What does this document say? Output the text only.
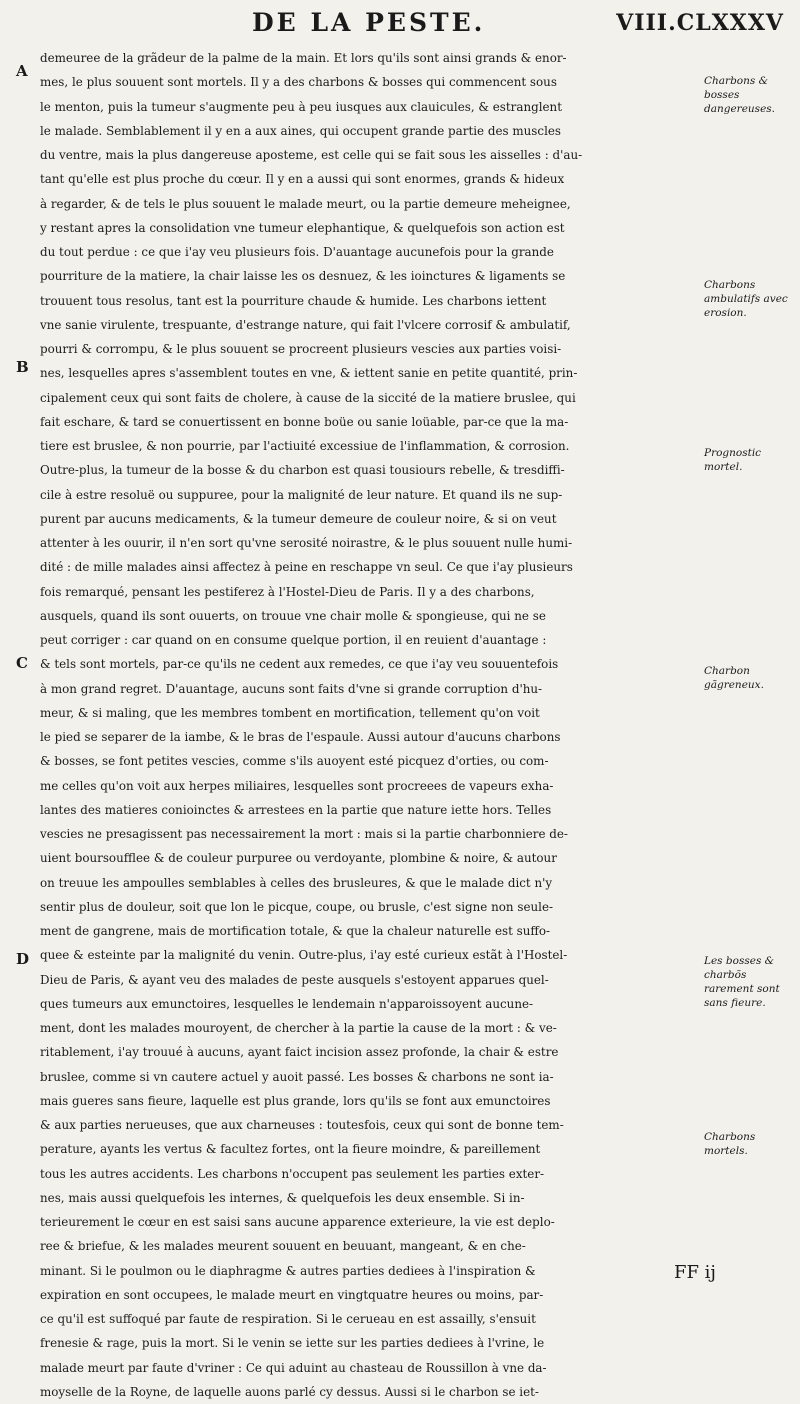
DE LA PESTE.	VIII.CLXXXV
A
B
C
D
demeuree de la grãdeur de la palme de la main. Et lors qu'ils sont ainsi grands & enor-
mes, le plus souuent sont mortels. Il y a des charbons & bosses qui commencent sous
le menton, puis la tumeur s'augmente peu à peu iusques aux clauicules, & estranglent
le malade. Semblablement il y en a aux aines, qui occupent grande partie des muscles
du ventre, mais la plus dangereuse aposteme, est celle qui se fait sous les aisselles : d'au-
tant qu'elle est plus proche du cœur. Il y en a aussi qui sont enormes, grands & hideux
à regarder, & de tels le plus souuent le malade meurt, ou la partie demeure meheignee,
y restant apres la consolidation vne tumeur elephantique, & quelquefois son action est
du tout perdue : ce que i'ay veu plusieurs fois. D'auantage aucunefois pour la grande
pourriture de la matiere, la chair laisse les os desnuez, & les ioinctures & ligaments se
trouuent tous resolus, tant est la pourriture chaude & humide. Les charbons iettent
vne sanie virulente, trespuante, d'estrange nature, qui fait l'vlcere corrosif & ambulatif,
pourri & corrompu, & le plus souuent se procreent plusieurs vescies aux parties voisi-
nes, lesquelles apres s'assemblent toutes en vne, & iettent sanie en petite quantité, prin-
cipalement ceux qui sont faits de cholere, à cause de la siccité de la matiere bruslee, qui
fait eschare, & tard se conuertissent en bonne boüe ou sanie loüable, par-ce que la ma-
tiere est bruslee, & non pourrie, par l'actiuité excessiue de l'inflammation, & corrosion.
Outre-plus, la tumeur de la bosse & du charbon est quasi tousiours rebelle, & tresdiffi-
cile à estre resoluë ou suppuree, pour la malignité de leur nature. Et quand ils ne sup-
purent par aucuns medicaments, & la tumeur demeure de couleur noire, & si on veut
attenter à les ouurir, il n'en sort qu'vne serosité noirastre, & le plus souuent nulle humi-
dité : de mille malades ainsi affectez à peine en reschappe vn seul. Ce que i'ay plusieurs
fois remarqué, pensant les pestiferez à l'Hostel-Dieu de Paris. Il y a des charbons,
ausquels, quand ils sont ouuerts, on trouue vne chair molle & spongieuse, qui ne se
peut corriger : car quand on en consume quelque portion, il en reuient d'auantage :
& tels sont mortels, par-ce qu'ils ne cedent aux remedes, ce que i'ay veu souuentefois
à mon grand regret. D'auantage, aucuns sont faits d'vne si grande corruption d'hu-
meur, & si maling, que les membres tombent en mortification, tellement qu'on voit
le pied se separer de la iambe, & le bras de l'espaule. Aussi autour d'aucuns charbons
& bosses, se font petites vescies, comme s'ils auoyent esté picquez d'orties, ou com-
me celles qu'on voit aux herpes miliaires, lesquelles sont procreees de vapeurs exha-
lantes des matieres conioinctes & arrestees en la partie que nature iette hors. Telles
vescies ne presagissent pas necessairement la mort : mais si la partie charbonniere de-
uient boursoufflee & de couleur purpuree ou verdoyante, plombine & noire, & autour
on treuue les ampoulles semblables à celles des brusleures, & que le malade dict n'y
sentir plus de douleur, soit que lon le picque, coupe, ou brusle, c'est signe non seule-
ment de gangrene, mais de mortification totale, & que la chaleur naturelle est suffo-
quee & esteinte par la malignité du venin. Outre-plus, i'ay esté curieux estãt à l'Hostel-
Dieu de Paris, & ayant veu des malades de peste ausquels s'estoyent apparues quel-
ques tumeurs aux emunctoires, lesquelles le lendemain n'apparoissoyent aucune-
ment, dont les malades mouroyent, de chercher à la partie la cause de la mort : & ve-
ritablement, i'ay trouué à aucuns, ayant faict incision assez profonde, la chair & estre
bruslee, comme si vn cautere actuel y auoit passé. Les bosses & charbons ne sont ia-
mais gueres sans fieure, laquelle est plus grande, lors qu'ils se font aux emunctoires
& aux parties nerueuses, que aux charneuses : toutesfois, ceux qui sont de bonne tem-
perature, ayants les vertus & facultez fortes, ont la fieure moindre, & pareillement
tous les autres accidents. Les charbons n'occupent pas seulement les parties exter-
nes, mais aussi quelquefois les internes, & quelquefois les deux ensemble. Si in-
terieurement le cœur en est saisi sans aucune apparence exterieure, la vie est deplo-
ree & briefue, & les malades meurent souuent en beuuant, mangeant, & en che-
minant. Si le poulmon ou le diaphragme & autres parties dediees à l'inspiration &
expiration en sont occupees, le malade meurt en vingtquatre heures ou moins, par-
ce qu'il est suffoqué par faute de respiration. Si le cerueau en est assailly, s'ensuit
frenesie & rage, puis la mort. Si le venin se iette sur les parties dediees à l'vrine, le
malade meurt par faute d'vriner : Ce qui aduint au chasteau de Roussillon à vne da-
moyselle de la Royne, de laquelle auons parlé cy dessus. Aussi si le charbon se iet-
Charbons & bosses dangereuses.
Charbons ambulatifs avec erosion.
Prognostic mortel.
Charbon gãgreneux.
Les bosses & charbõs rarement sont sans fieure.
Charbons mortels.
FF ij
